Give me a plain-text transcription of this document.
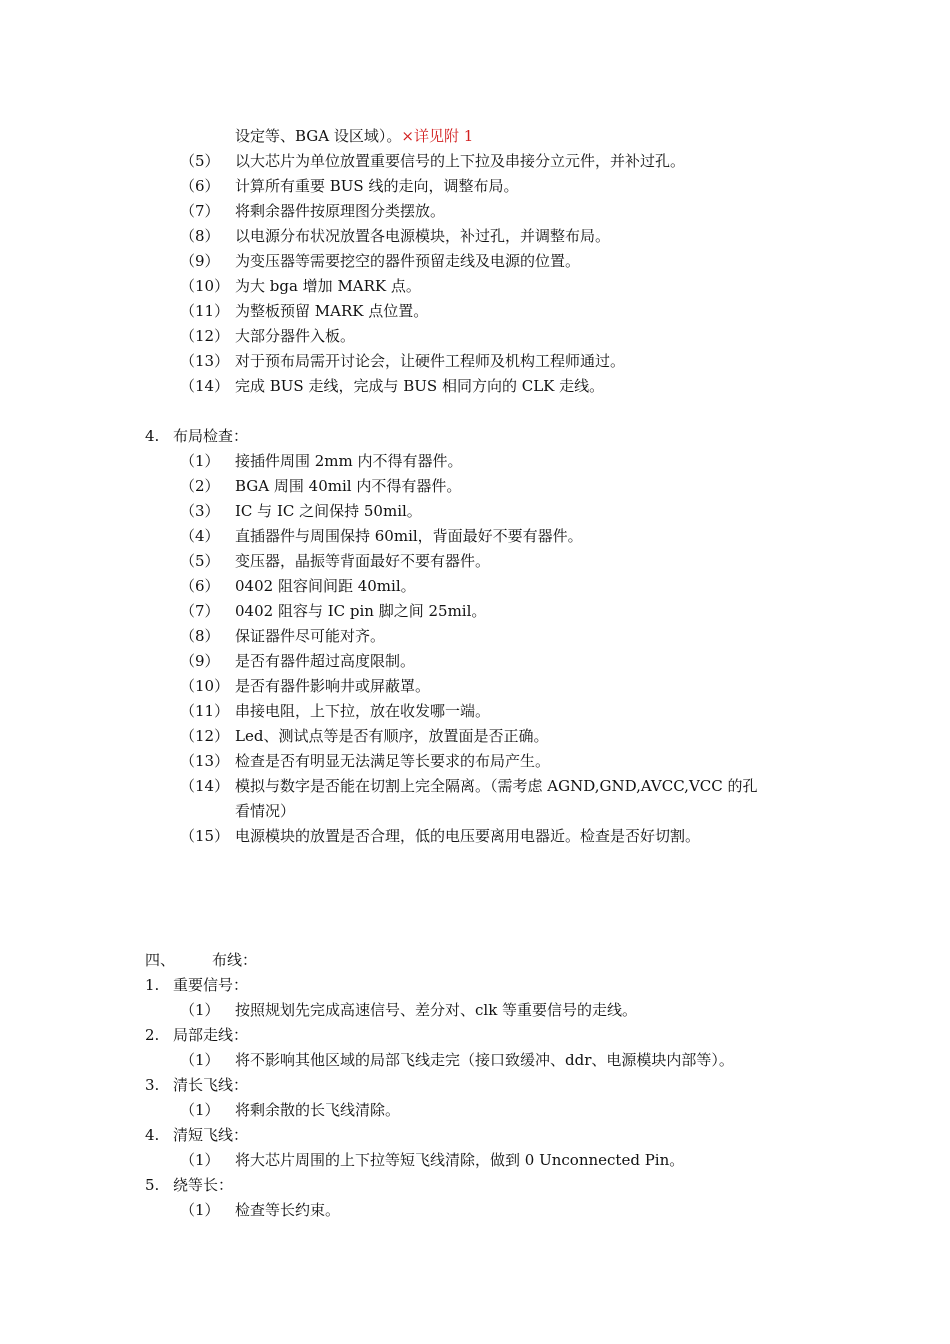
设定等、BGA 设区域）。×详见附 1
（5）	以大芯片为单位放置重要信号的上下拉及串接分立元件，并补过孔。
（6）	计算所有重要 BUS 线的走向，调整布局。
（7）	将剩余器件按原理图分类摆放。
（8）	以电源分布状况放置各电源模块，补过孔，并调整布局。
（9）	为变压器等需要挖空的器件预留走线及电源的位置。
（10） 为大 bga 增加 MARK 点。
（11） 为整板预留 MARK 点位置。
（12） 大部分器件入板。
（13） 对于预布局需开讨论会，让硬件工程师及机构工程师通过。
（14） 完成 BUS 走线，完成与 BUS 相同方向的 CLK 走线。
4. 布局检查：
（1）	接插件周围 2mm 内不得有器件。
（2）	BGA 周围 40mil 内不得有器件。
（3）	IC 与 IC 之间保持 50mil。
（4）	直插器件与周围保持 60mil，背面最好不要有器件。
（5）	变压器，晶振等背面最好不要有器件。
（6）	0402 阻容间间距 40mil。
（7）	0402 阻容与 IC pin 脚之间 25mil。
（8）	保证器件尽可能对齐。
（9）	是否有器件超过高度限制。
（10） 是否有器件影响井或屏蔽罩。
（11） 串接电阻，上下拉，放在收发哪一端。
（12） Led、测试点等是否有顺序，放置面是否正确。
（13） 检查是否有明显无法满足等长要求的布局产生。
（14） 模拟与数字是否能在切割上完全隔离。（需考虑 AGND,GND,AVCC,VCC 的孔
看情况）
（15） 电源模块的放置是否合理，低的电压要离用电器近。检查是否好切割。
四、 布线：
1. 重要信号：
（1）	按照规划先完成高速信号、差分对、clk 等重要信号的走线。
2. 局部走线：
（1）	将不影响其他区域的局部飞线走完（接口致缓冲、ddr、电源模块内部等）。
3. 清长飞线：
（1）	将剩余散的长飞线清除。
4. 清短飞线：
（1）	将大芯片周围的上下拉等短飞线清除，做到 0 Unconnected Pin。
5. 绕等长：
（1）	检查等长约束。
